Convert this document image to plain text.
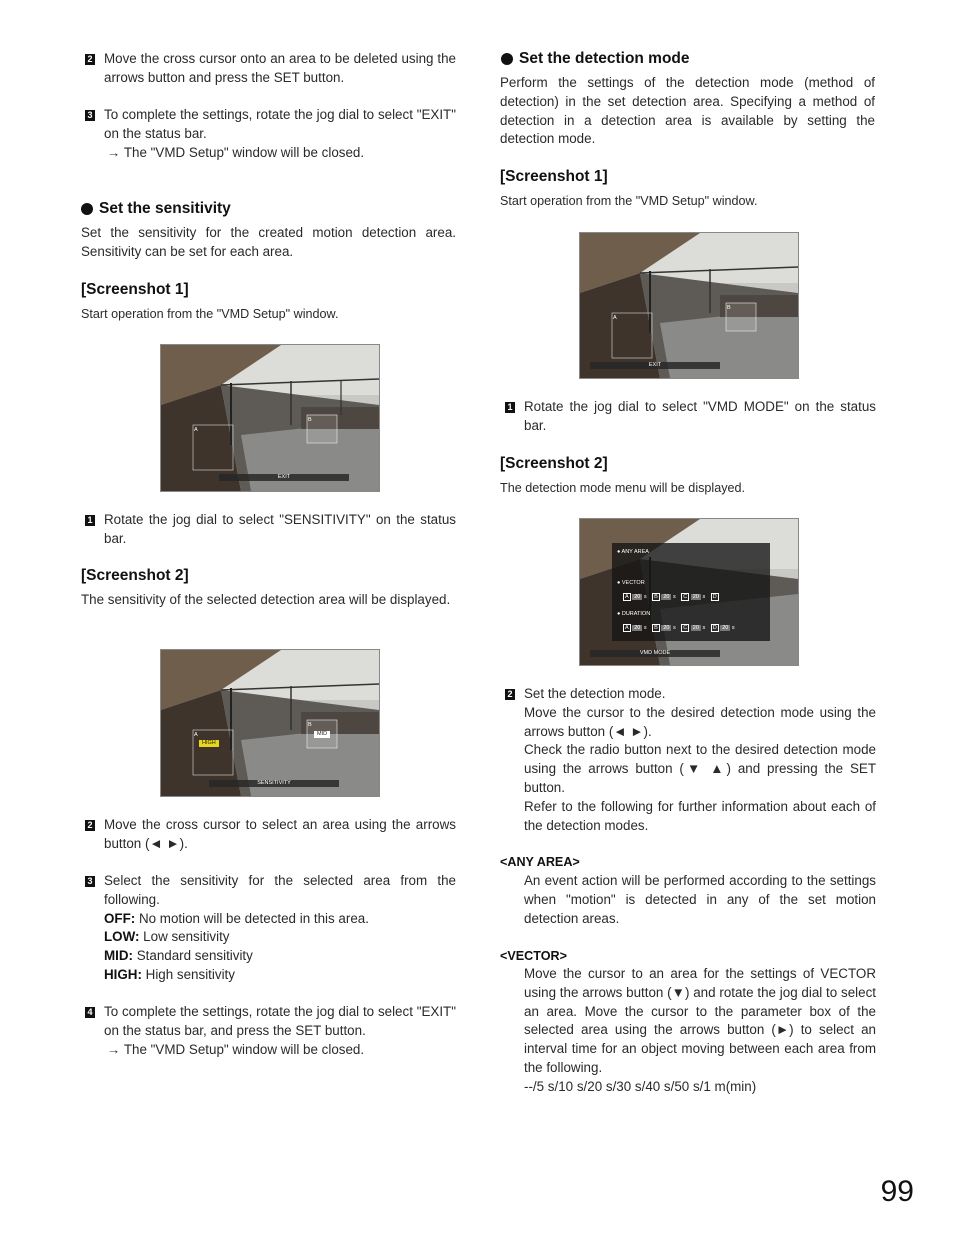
2 Move the cross cursor onto an area to be deleted using the arrows button and press the SET button.
3 To complete the settings, rotate the jog dial to select "EXIT" on the status bar.
→ The "VMD Setup" window will be closed.
Set the sensitivity
Set the sensitivity for the created motion detection area. Sensitivity can be set for each area.
[Screenshot 1]
Start operation from the "VMD Setup" window.
A
B
EXIT
1 Rotate the jog dial to select "SENSITIVITY" on the status bar.
[Screenshot 2]
The sensitivity of the selected detection area will be displayed.
A
B
HIGH
MID
SENSITIVITY
2 Move the cross cursor to select an area using the arrows button (◄ ►).
3 Select the sensitivity for the selected area from the following.
OFF: No motion will be detected in this area.
LOW: Low sensitivity
MID: Standard sensitivity
HIGH: High sensitivity
4 To complete the settings, rotate the jog dial to select "EXIT" on the status bar, and press the SET button.
→ The "VMD Setup" window will be closed.
Set the detection mode
Perform the settings of the detection mode (method of detection) in the set detection area. Specifying a method of detection in a detection area is available by setting the detection mode.
[Screenshot 1]
Start operation from the "VMD Setup" window.
A
B
EXIT
1 Rotate the jog dial to select "VMD MODE" on the status bar.
[Screenshot 2]
The detection mode menu will be displayed.
● ANY AREA
● VECTOR
A 20 s B 20 s C 20 s D
● DURATION
A 20 s B 20 s C 20 s D 20 s
VMD MODE
2 Set the detection mode.
Move the cursor to the desired detection mode using the arrows button (◄ ►).
Check the radio button next to the desired detection mode using the arrows button (▼ ▲) and pressing the SET button.
Refer to the following for further information about each of the detection modes.
<ANY AREA>
An event action will be performed according to the settings when "motion" is detected in any of the set motion detection areas.
<VECTOR>
Move the cursor to an area for the settings of VECTOR using the arrows button (▼) and rotate the jog dial to select an area. Move the cursor to the parameter box of the selected area using the arrows button (►) to select an interval time for an object moving between each area from the following.
--/5 s/10 s/20 s/30 s/40 s/50 s/1 m(min)
99
